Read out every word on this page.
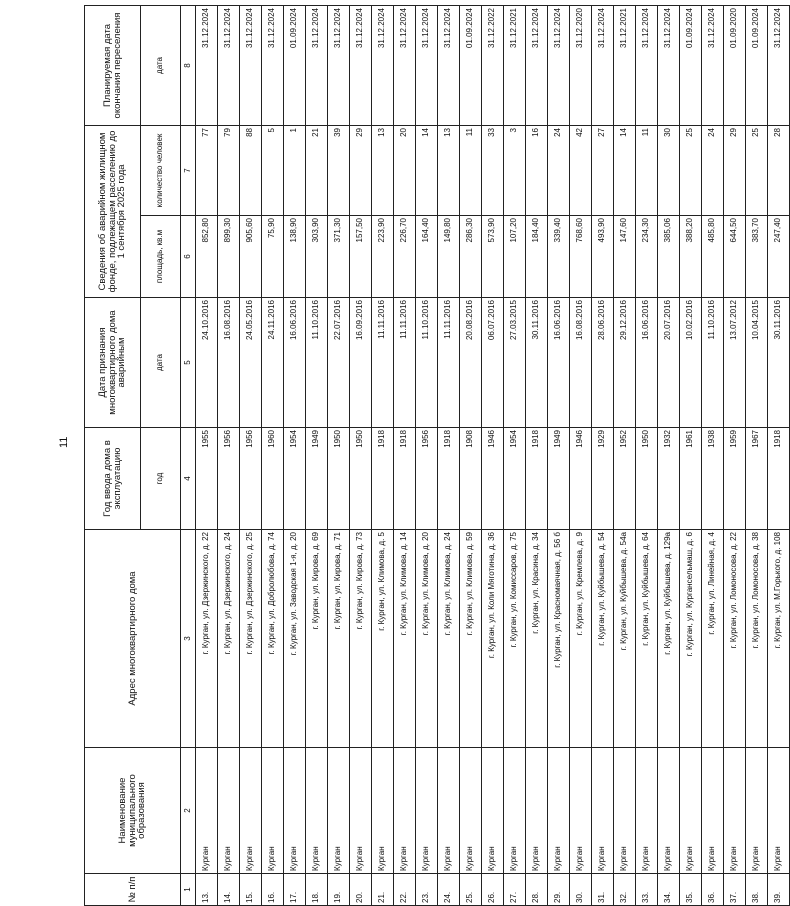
11
№ п/п	Наименование муниципального образования	Адрес многоквартирного дома	Год ввода дома в эксплуатацию	Дата признания многоквартирного дома аварийным	Сведения об аварийном жилищном фонде, подлежащем расселению до 1 сентября 2025 года		Планируемая дата окончания переселения
			год	дата	площадь, кв.м	количество человек	дата
1	2	3	4	5	6	7	8
13.	Курган	г. Курган, ул. Дзержинского, д. 22	1955	24.10.2016	852,80	77	31.12.2024
14.	Курган	г. Курган, ул. Дзержинского, д. 24	1956	16.08.2016	899,30	79	31.12.2024
15.	Курган	г. Курган, ул. Дзержинского, д. 25	1956	24.05.2016	905,60	88	31.12.2024
16.	Курган	г. Курган, ул. Добролюбова, д. 74	1960	24.11.2016	75,90	5	31.12.2024
17.	Курган	г. Курган, ул. Заводская 1-я, д. 20	1954	16.06.2016	138,90	1	01.09.2024
18.	Курган	г. Курган, ул. Кирова, д. 69	1949	11.10.2016	303,90	21	31.12.2024
19.	Курган	г. Курган, ул. Кирова, д. 71	1950	22.07.2016	371,30	39	31.12.2024
20.	Курган	г. Курган, ул. Кирова, д. 73	1950	16.09.2016	157,50	29	31.12.2024
21.	Курган	г. Курган, ул. Климова, д. 5	1918	11.11.2016	223,90	13	31.12.2024
22.	Курган	г. Курган, ул. Климова, д. 14	1918	11.11.2016	226,70	20	31.12.2024
23.	Курган	г. Курган, ул. Климова, д. 20	1956	11.10.2016	164,40	14	31.12.2024
24.	Курган	г. Курган, ул. Климова, д. 24	1918	11.11.2016	149,80	13	31.12.2024
25.	Курган	г. Курган, ул. Климова, д. 59	1908	20.08.2016	286,30	11	01.09.2024
26.	Курган	г. Курган, ул. Коли Мяготина, д. 36	1946	06.07.2016	573,90	33	31.12.2022
27.	Курган	г. Курган, ул. Комиссаров, д. 75	1954	27.03.2015	107,20	3	31.12.2021
28.	Курган	г. Курган, ул. Красина, д. 34	1918	30.11.2016	184,40	16	31.12.2024
29.	Курган	г. Курган, ул. Красномаячная, д. 56 б	1949	16.06.2016	339,40	24	31.12.2024
30.	Курган	г. Курган, ул. Кремлева, д. 9	1946	16.08.2016	768,60	42	31.12.2020
31.	Курган	г. Курган, ул. Куйбышева, д. 54	1929	28.06.2016	493,90	27	31.12.2024
32.	Курган	г. Курган, ул. Куйбышева, д. 54а	1952	29.12.2016	147,60	14	31.12.2021
33.	Курган	г. Курган, ул. Куйбышева, д. 64	1950	16.06.2016	234,30	11	31.12.2024
34.	Курган	г. Курган, ул. Куйбышева, д. 129а	1932	20.07.2016	385,06	30	31.12.2024
35.	Курган	г. Курган, ул. Кургансельмаш, д. 6	1961	10.02.2016	388,20	25	01.09.2024
36.	Курган	г. Курган, ул. Линейная, д. 4	1938	11.10.2016	485,80	24	31.12.2024
37.	Курган	г. Курган, ул. Ломоносова, д. 22	1959	13.07.2012	644,50	29	01.09.2020
38.	Курган	г. Курган, ул. Ломоносова, д. 38	1967	10.04.2015	383,70	25	01.09.2024
39.	Курган	г. Курган, ул. М.Горького, д. 108	1918	30.11.2016	247,40	28	31.12.2024
